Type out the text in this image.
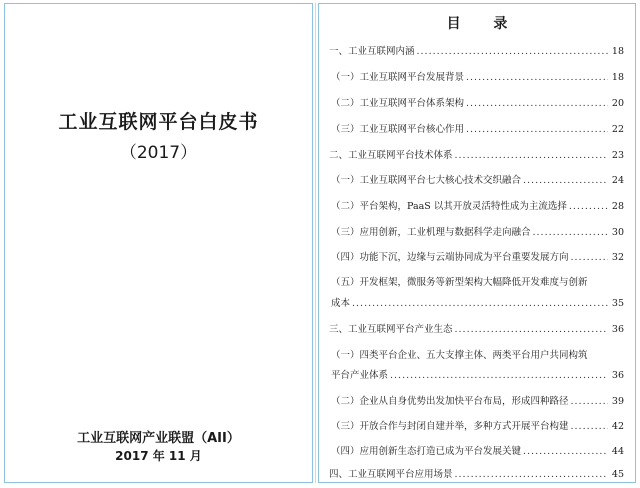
工业互联网平台白皮书
（2017）
工业互联网产业联盟（AII）
2017 年 11 月
目 录
一、工业互联网内涵 .....	18
（一）工业互联网平台发展背景 .....	18
（二）工业互联网平台体系架构 .....	20
（三）工业互联网平台核心作用 .....	22
二、工业互联网平台技术体系 .....	23
（一）工业互联网平台七大核心技术交织融合 .....	24
（二）平台架构，PaaS 以其开放灵活特性成为主流选择 .....	28
（三）应用创新，工业机理与数据科学走向融合 .....	30
（四）功能下沉，边缘与云端协同成为平台重要发展方向 .....	32
（五）开发框架，微服务等新型架构大幅降低开发难度与创新
成本 .....	35
三、工业互联网平台产业生态 .....	36
（一）四类平台企业、五大支撑主体、两类平台用户共同构筑
平台产业体系 .....	36
（二）企业从自身优势出发加快平台布局，形成四种路径 .....	39
（三）开放合作与封闭自建并举，多种方式开展平台构建 .....	42
（四）应用创新生态打造已成为平台发展关键 .....	44
四、工业互联网平台应用场景 .....	45
